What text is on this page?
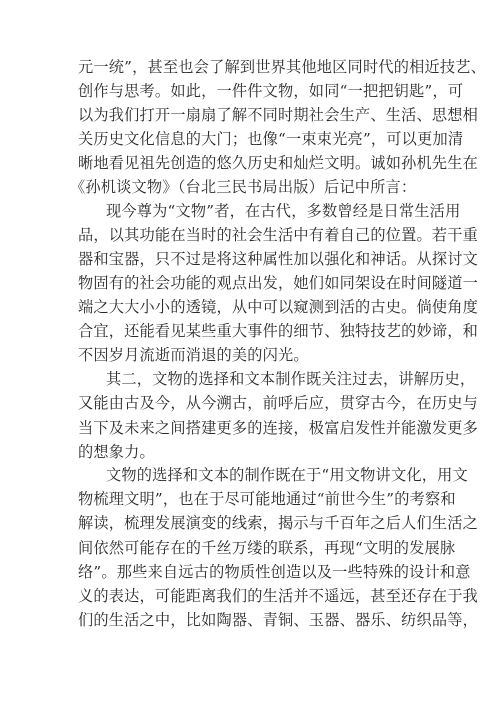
元一统”，甚至也会了解到世界其他地区同时代的相近技艺、
创作与思考。如此，一件件文物，如同“一把把钥匙”，可
以为我们打开一扇扇了解不同时期社会生产、生活、思想相
关历史文化信息的大门；也像“一束束光亮”，可以更加清
晰地看见祖先创造的悠久历史和灿烂文明。诚如孙机先生在
《孙机谈文物》（台北三民书局出版）后记中所言：
现今尊为“文物”者，在古代，多数曾经是日常生活用
品，以其功能在当时的社会生活中有着自己的位置。若干重
器和宝器，只不过是将这种属性加以强化和神话。从探讨文
物固有的社会功能的观点出发，她们如同架设在时间隧道一
端之大大小小的透镜，从中可以窥测到活的古史。倘使角度
合宜，还能看见某些重大事件的细节、独特技艺的妙谛，和
不因岁月流逝而消退的美的闪光。
其二，文物的选择和文本制作既关注过去，讲解历史，
又能由古及今，从今溯古，前呼后应，贯穿古今，在历史与
当下及未来之间搭建更多的连接，极富启发性并能激发更多
的想象力。
文物的选择和文本的制作既在于“用文物讲文化，用文
物梳理文明”，也在于尽可能地通过“前世今生”的考察和
解读，梳理发展演变的线索，揭示与千百年之后人们生活之
间依然可能存在的千丝万缕的联系，再现“文明的发展脉
络”。那些来自远古的物质性创造以及一些特殊的设计和意
义的表达，可能距离我们的生活并不遥远，甚至还存在于我
们的生活之中，比如陶器、青铜、玉器、器乐、纺织品等，
